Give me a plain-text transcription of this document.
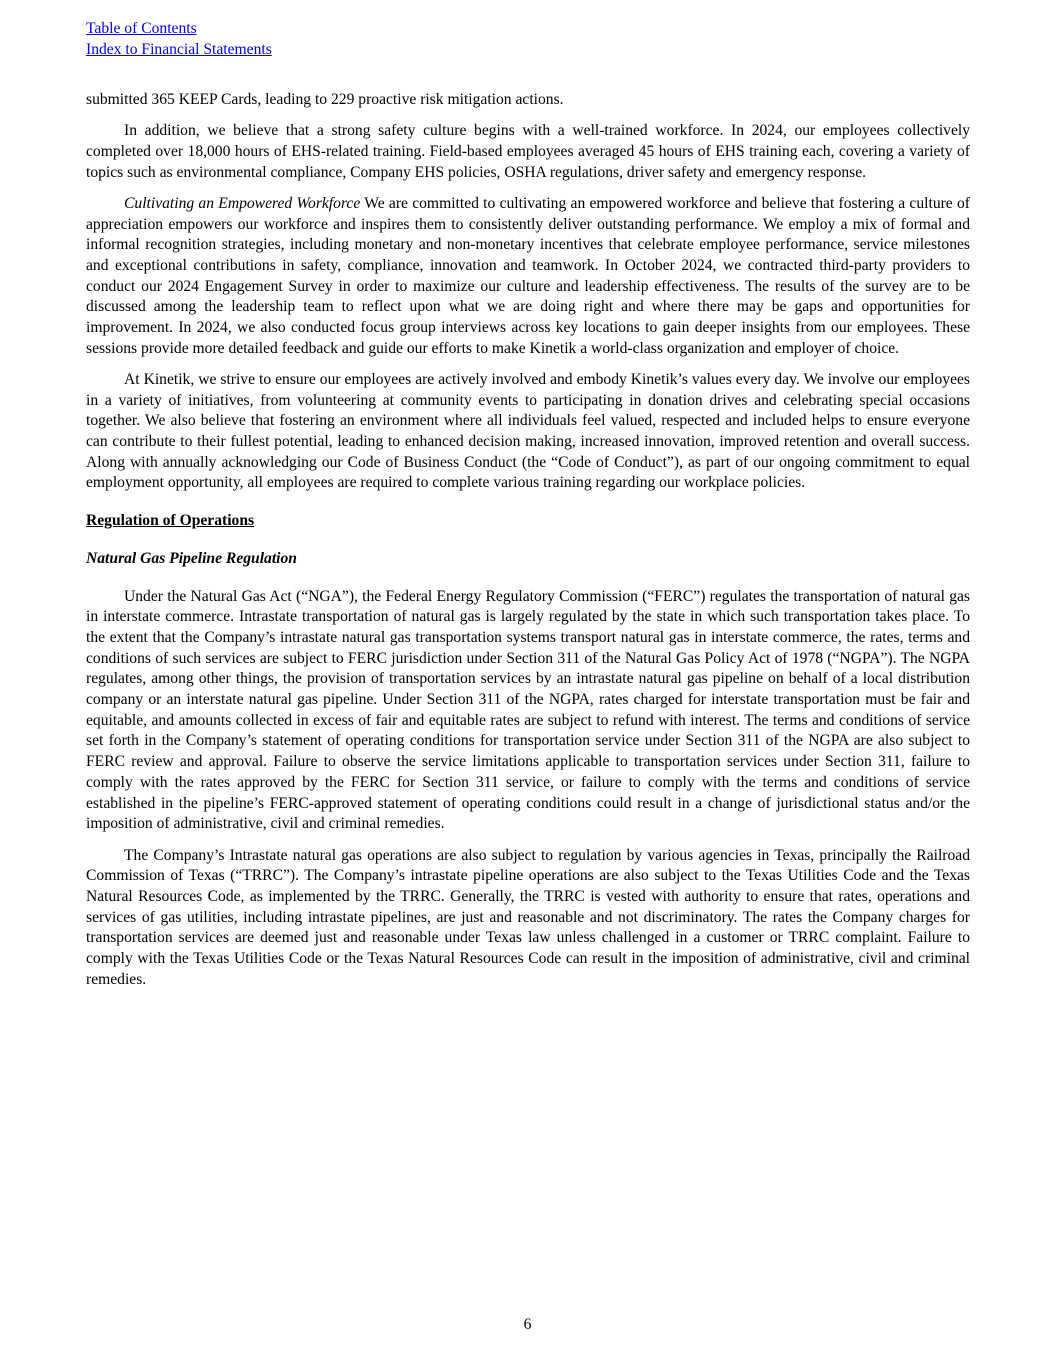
Table of Contents
Index to Financial Statements

submitted 365 KEEP Cards, leading to 229 proactive risk mitigation actions.

In addition, we believe that a strong safety culture begins with a well-trained workforce. In 2024, our employees collectively completed over 18,000 hours of EHS-related training. Field-based employees averaged 45 hours of EHS training each, covering a variety of topics such as environmental compliance, Company EHS policies, OSHA regulations, driver safety and emergency response.

Cultivating an Empowered Workforce We are committed to cultivating an empowered workforce and believe that fostering a culture of appreciation empowers our workforce and inspires them to consistently deliver outstanding performance. We employ a mix of formal and informal recognition strategies, including monetary and non-monetary incentives that celebrate employee performance, service milestones and exceptional contributions in safety, compliance, innovation and teamwork. In October 2024, we contracted third-party providers to conduct our 2024 Engagement Survey in order to maximize our culture and leadership effectiveness. The results of the survey are to be discussed among the leadership team to reflect upon what we are doing right and where there may be gaps and opportunities for improvement. In 2024, we also conducted focus group interviews across key locations to gain deeper insights from our employees. These sessions provide more detailed feedback and guide our efforts to make Kinetik a world-class organization and employer of choice.

At Kinetik, we strive to ensure our employees are actively involved and embody Kinetik’s values every day. We involve our employees in a variety of initiatives, from volunteering at community events to participating in donation drives and celebrating special occasions together. We also believe that fostering an environment where all individuals feel valued, respected and included helps to ensure everyone can contribute to their fullest potential, leading to enhanced decision making, increased innovation, improved retention and overall success. Along with annually acknowledging our Code of Business Conduct (the “Code of Conduct”), as part of our ongoing commitment to equal employment opportunity, all employees are required to complete various training regarding our workplace policies.

Regulation of Operations
Natural Gas Pipeline Regulation

Under the Natural Gas Act (“NGA”), the Federal Energy Regulatory Commission (“FERC”) regulates the transportation of natural gas in interstate commerce. Intrastate transportation of natural gas is largely regulated by the state in which such transportation takes place. To the extent that the Company’s intrastate natural gas transportation systems transport natural gas in interstate commerce, the rates, terms and conditions of such services are subject to FERC jurisdiction under Section 311 of the Natural Gas Policy Act of 1978 (“NGPA”). The NGPA regulates, among other things, the provision of transportation services by an intrastate natural gas pipeline on behalf of a local distribution company or an interstate natural gas pipeline. Under Section 311 of the NGPA, rates charged for interstate transportation must be fair and equitable, and amounts collected in excess of fair and equitable rates are subject to refund with interest. The terms and conditions of service set forth in the Company’s statement of operating conditions for transportation service under Section 311 of the NGPA are also subject to FERC review and approval. Failure to observe the service limitations applicable to transportation services under Section 311, failure to comply with the rates approved by the FERC for Section 311 service, or failure to comply with the terms and conditions of service established in the pipeline’s FERC-approved statement of operating conditions could result in a change of jurisdictional status and/or the imposition of administrative, civil and criminal remedies.

The Company’s Intrastate natural gas operations are also subject to regulation by various agencies in Texas, principally the Railroad Commission of Texas (“TRRC”). The Company’s intrastate pipeline operations are also subject to the Texas Utilities Code and the Texas Natural Resources Code, as implemented by the TRRC. Generally, the TRRC is vested with authority to ensure that rates, operations and services of gas utilities, including intrastate pipelines, are just and reasonable and not discriminatory. The rates the Company charges for transportation services are deemed just and reasonable under Texas law unless challenged in a customer or TRRC complaint. Failure to comply with the Texas Utilities Code or the Texas Natural Resources Code can result in the imposition of administrative, civil and criminal remedies.

6
